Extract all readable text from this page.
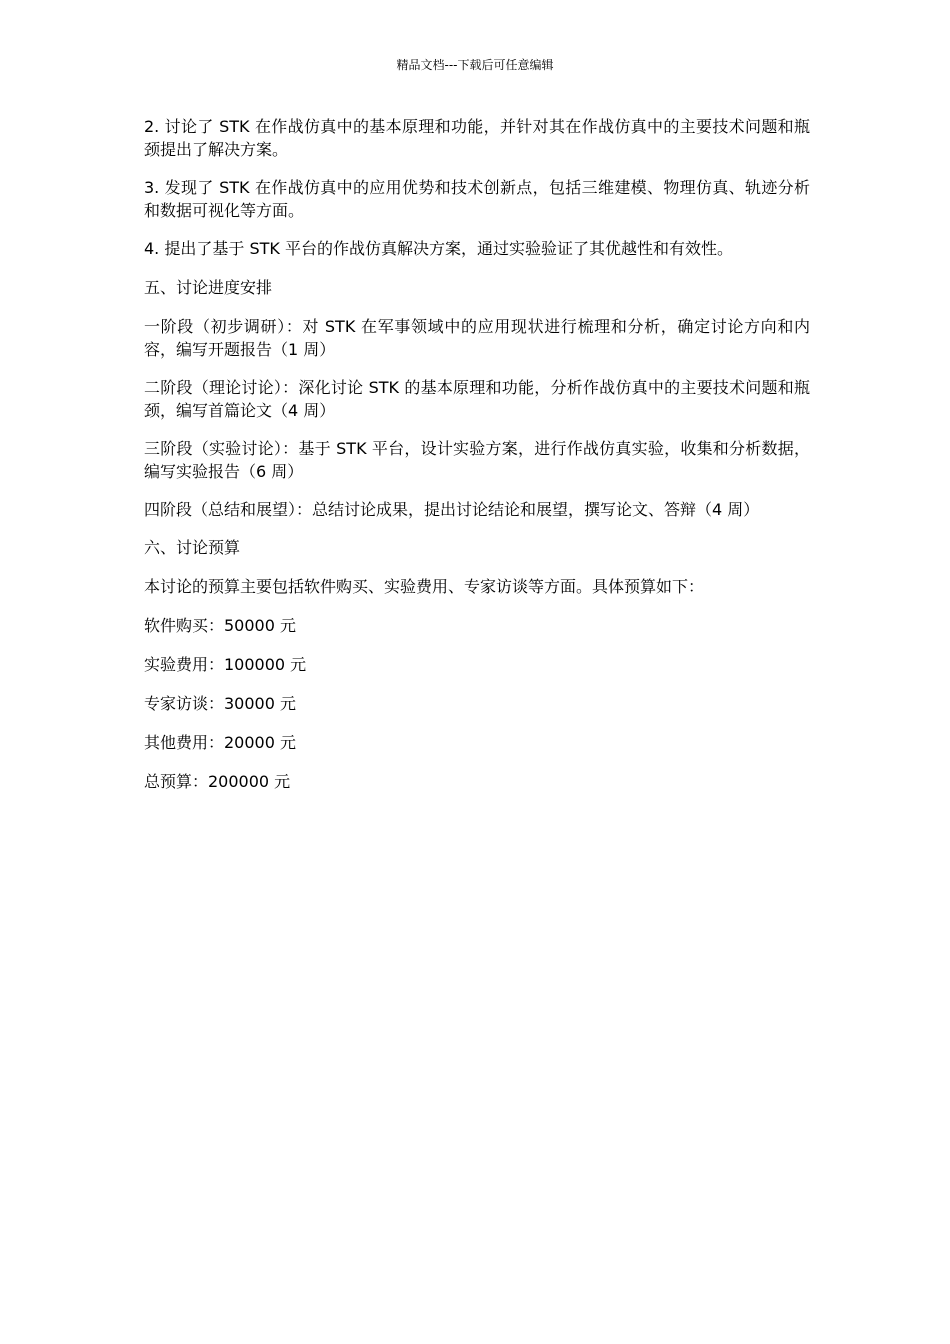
精品文档---下载后可任意编辑

2. 讨论了 STK 在作战仿真中的基本原理和功能，并针对其在作战仿真中的主要技术问题和瓶颈提出了解决方案。

3. 发现了 STK 在作战仿真中的应用优势和技术创新点，包括三维建模、物理仿真、轨迹分析和数据可视化等方面。

4. 提出了基于 STK 平台的作战仿真解决方案，通过实验验证了其优越性和有效性。

五、讨论进度安排

一阶段（初步调研）：对 STK 在军事领域中的应用现状进行梳理和分析，确定讨论方向和内容，编写开题报告（1 周）

二阶段（理论讨论）：深化讨论 STK 的基本原理和功能，分析作战仿真中的主要技术问题和瓶颈，编写首篇论文（4 周）

三阶段（实验讨论）：基于 STK 平台，设计实验方案，进行作战仿真实验，收集和分析数据，编写实验报告（6 周）

四阶段（总结和展望）：总结讨论成果，提出讨论结论和展望，撰写论文、答辩（4 周）

六、讨论预算

本讨论的预算主要包括软件购买、实验费用、专家访谈等方面。具体预算如下：

软件购买：50000 元

实验费用：100000 元

专家访谈：30000 元

其他费用：20000 元

总预算：200000 元
